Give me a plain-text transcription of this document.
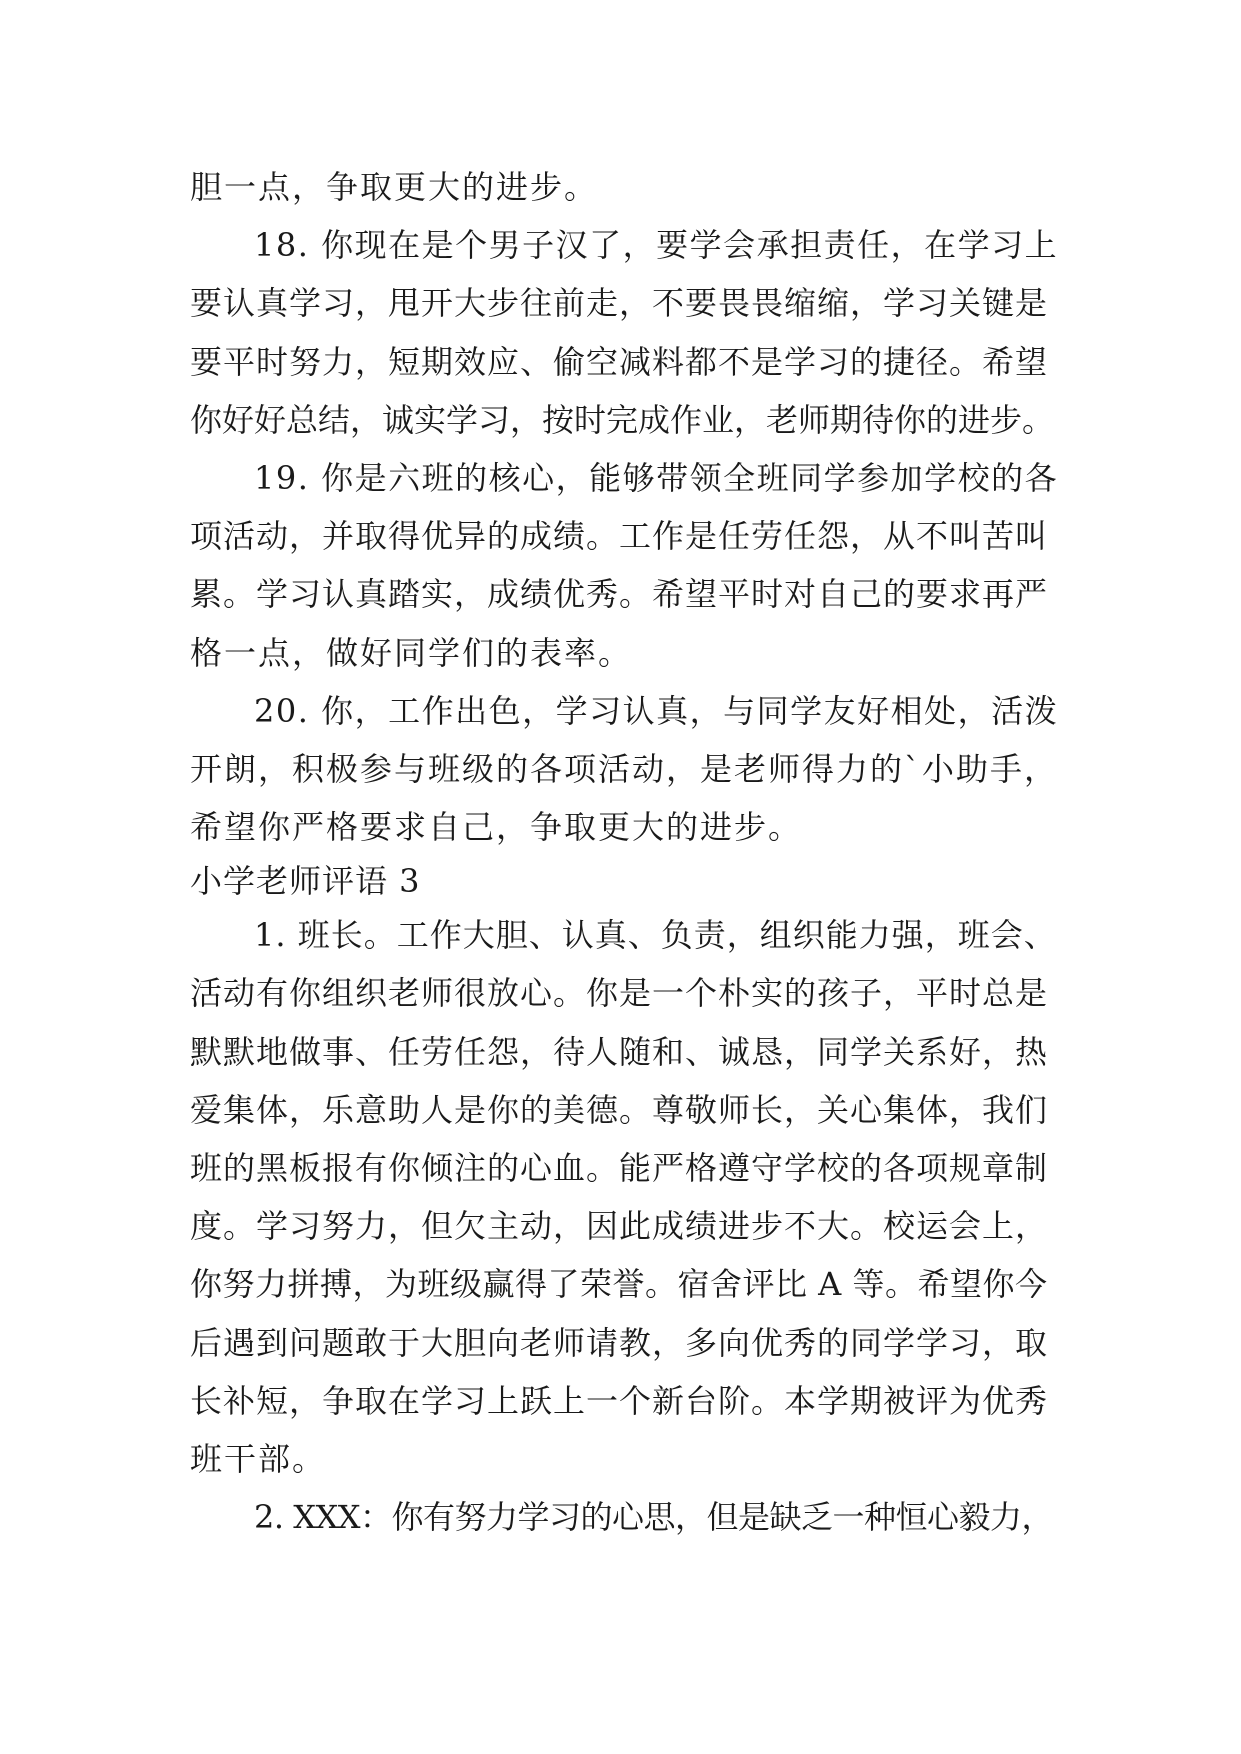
胆一点，争取更大的进步。
18. 你现在是个男子汉了，要学会承担责任，在学习上
要认真学习，甩开大步往前走，不要畏畏缩缩，学习关键是
要平时努力，短期效应、偷空减料都不是学习的捷径。希望
你好好总结，诚实学习，按时完成作业，老师期待你的进步。
19. 你是六班的核心，能够带领全班同学参加学校的各
项活动，并取得优异的成绩。工作是任劳任怨，从不叫苦叫
累。学习认真踏实，成绩优秀。希望平时对自己的要求再严
格一点，做好同学们的表率。
20. 你，工作出色，学习认真，与同学友好相处，活泼
开朗，积极参与班级的各项活动，是老师得力的`小助手，
希望你严格要求自己，争取更大的进步。
小学老师评语 3
1. 班长。工作大胆、认真、负责，组织能力强，班会、
活动有你组织老师很放心。你是一个朴实的孩子，平时总是
默默地做事、任劳任怨，待人随和、诚恳，同学关系好，热
爱集体，乐意助人是你的美德。尊敬师长，关心集体，我们
班的黑板报有你倾注的心血。能严格遵守学校的各项规章制
度。学习努力，但欠主动，因此成绩进步不大。校运会上，
你努力拼搏，为班级赢得了荣誉。宿舍评比 A 等。希望你今
后遇到问题敢于大胆向老师请教，多向优秀的同学学习，取
长补短，争取在学习上跃上一个新台阶。本学期被评为优秀
班干部。
2. XXX：你有努力学习的心思，但是缺乏一种恒心毅力，
